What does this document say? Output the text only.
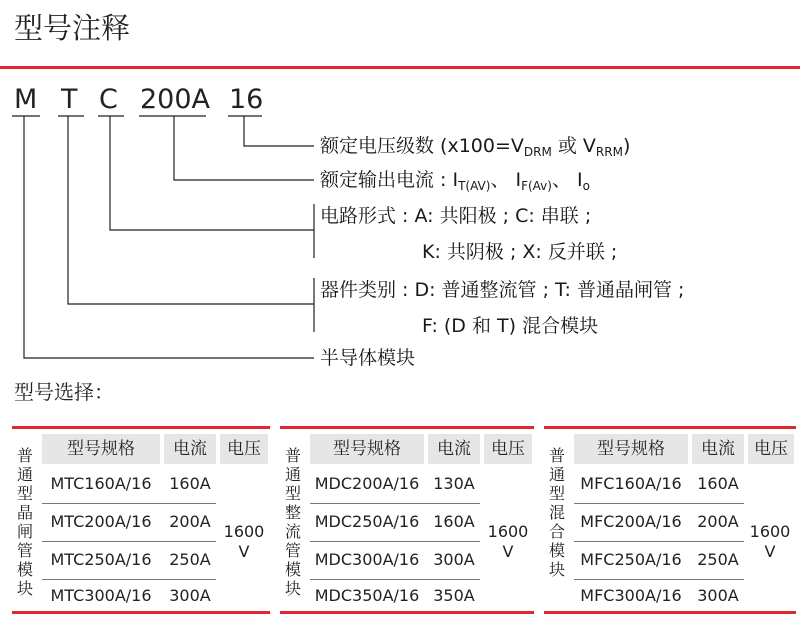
型号注释
M T C 200A 16
额定电压级数 ($x100=V_{DRM}$ 或 $V_{RRM}$)
额定输出电流 : $I_{T(AV)}$、 $I_{F(Av)}$、 $I_o$
电路形式 : A: 共阳极 ; C: 串联 ;
K: 共阴极 ; X: 反并联 ;
器件类别 : D: 普通整流管 ; T: 普通晶闸管 ;
F: (D 和 T) 混合模块
半导体模块
型号选择：
普通型晶闸管模块
型号规格	电流	电压
MTC160A/16	160A
MTC200A/16	200A
MTC250A/16	250A
MTC300A/16	300A
1600
V
普通型整流管模块
型号规格	电流	电压
MDC200A/16 130A
MDC250A/16 160A
MDC300A/16 300A
MDC350A/16 350A
1600
V
普通型混合模块
型号规格	电流	电压
MFC160A/16 160A
MFC200A/16 200A
MFC250A/16 250A
MFC300A/16 300A
1600
V
